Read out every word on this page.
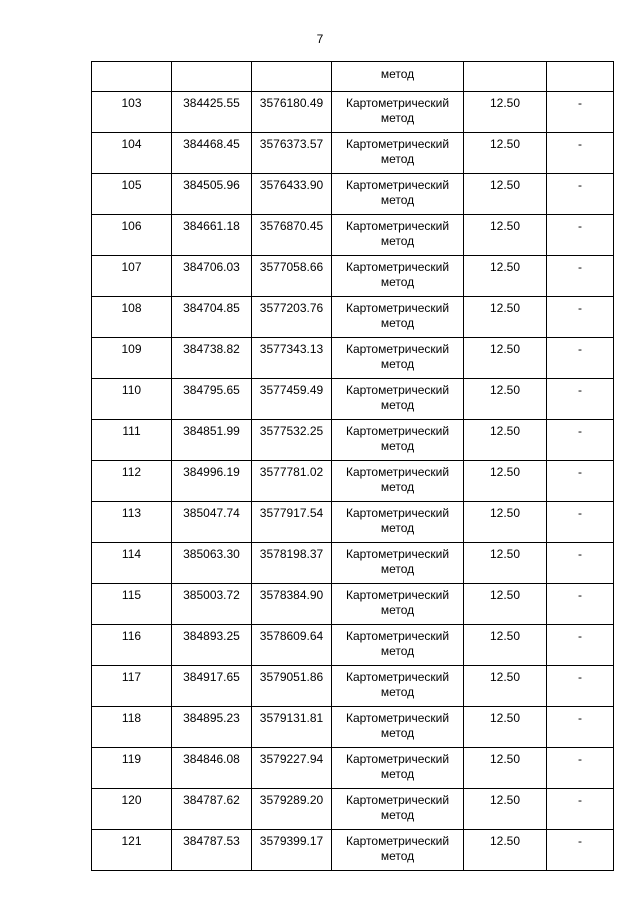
7
			метод		
103	384425.55	3576180.49	Картометрический метод	12.50	-
104	384468.45	3576373.57	Картометрический метод	12.50	-
105	384505.96	3576433.90	Картометрический метод	12.50	-
106	384661.18	3576870.45	Картометрический метод	12.50	-
107	384706.03	3577058.66	Картометрический метод	12.50	-
108	384704.85	3577203.76	Картометрический метод	12.50	-
109	384738.82	3577343.13	Картометрический метод	12.50	-
110	384795.65	3577459.49	Картометрический метод	12.50	-
111	384851.99	3577532.25	Картометрический метод	12.50	-
112	384996.19	3577781.02	Картометрический метод	12.50	-
113	385047.74	3577917.54	Картометрический метод	12.50	-
114	385063.30	3578198.37	Картометрический метод	12.50	-
115	385003.72	3578384.90	Картометрический метод	12.50	-
116	384893.25	3578609.64	Картометрический метод	12.50	-
117	384917.65	3579051.86	Картометрический метод	12.50	-
118	384895.23	3579131.81	Картометрический метод	12.50	-
119	384846.08	3579227.94	Картометрический метод	12.50	-
120	384787.62	3579289.20	Картометрический метод	12.50	-
121	384787.53	3579399.17	Картометрический метод	12.50	-
